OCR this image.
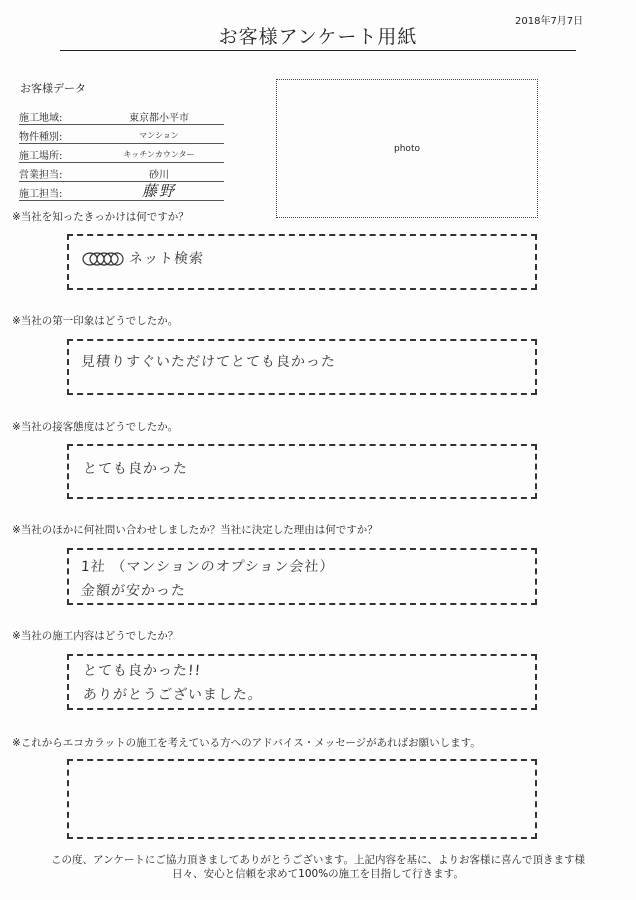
2018年7月7日
お客様アンケート用紙
お客様データ
施工地域:	東京都小平市
物件種別:	マンション
施工場所:	キッチンカウンター
営業担当:	砂川
施工担当:	藤野
photo
※当社を知ったきっかけは何ですか？
ネット検索
※当社の第一印象はどうでしたか。
見積りすぐいただけてとても良かった
※当社の接客態度はどうでしたか。
とても良かった
※当社のほかに何社問い合わせしましたか？当社に決定した理由は何ですか？
1社 （マンションのオプション会社）
金額が安かった
※当社の施工内容はどうでしたか？
とても良かった!!
ありがとうございました。
※これからエコカラットの施工を考えている方へのアドバイス・メッセージがあればお願いします。
この度、アンケートにご協力頂きましてありがとうございます。上記内容を基に、よりお客様に喜んで頂きます様
日々、安心と信頼を求めて100%の施工を目指して行きます。
